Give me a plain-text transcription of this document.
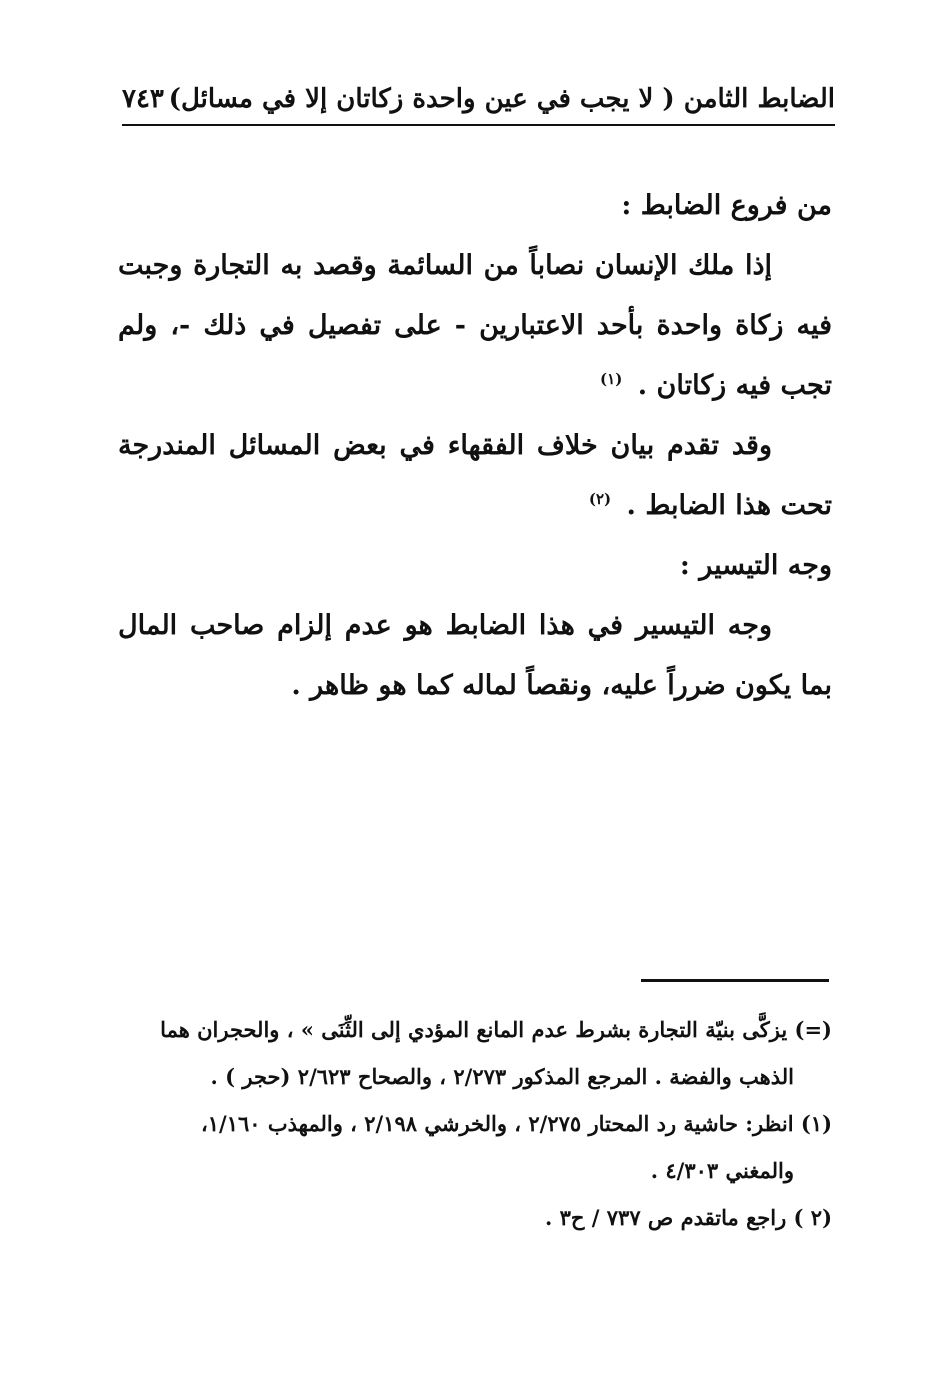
الضابط الثامن ( لا يجب في عين واحدة زكاتان إلا في مسائل)
٧٤٣

من فروع الضابط :

إذا ملك الإنسان نصاباً من السائمة وقصد به التجارة وجبت فيه زكاة واحدة بأحد الاعتبارين - على تفصيل في ذلك -، ولم تجب فيه زكاتان . $^{(١)}$

وقد تقدم بيان خلاف الفقهاء في بعض المسائل المندرجة تحت هذا الضابط . $^{(٢)}$

وجه التيسير :

وجه التيسير في هذا الضابط هو عدم إلزام صاحب المال بما يكون ضرراً عليه، ونقصاً لماله كما هو ظاهر .

(=) يزكَّى بنيّة التجارة بشرط عدم المانع المؤدي إلى الثِّنَى » ، والحجران هما

الذهب والفضة . المرجع المذكور ٢/٢٧٣ ، والصحاح ٢/٦٢٣ (حجر ) .

(١) انظر: حاشية رد المحتار ٢/٢٧٥ ، والخرشي ٢/١٩٨ ، والمهذب ١/١٦٠،

والمغني ٤/٣٠٣ .

(٢ ) راجع ماتقدم ص ٧٣٧ / ح٣ .
